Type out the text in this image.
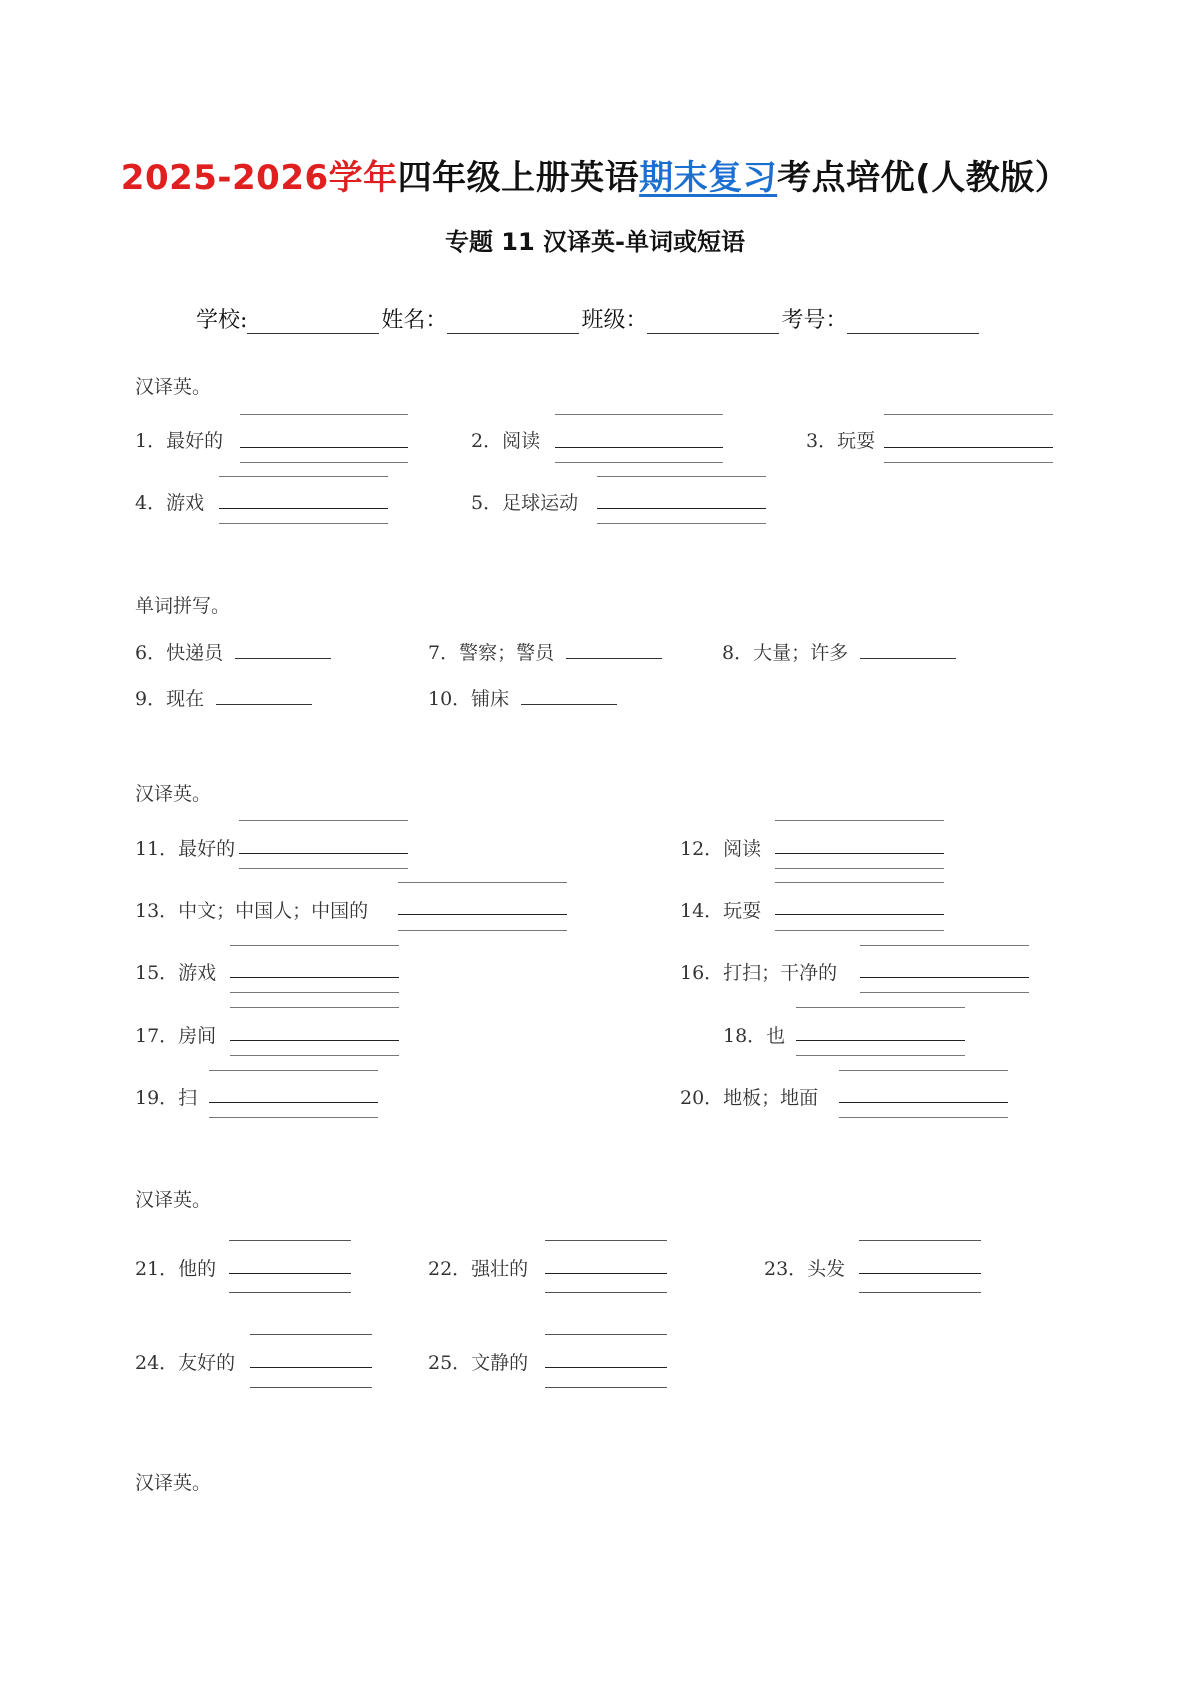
2025-2026学年四年级上册英语期末复习考点培优(人教版）
专题 11 汉译英-单词或短语
学校:	姓名：	班级：	考号：
汉译英。
1．最好的	2．阅读	3．玩耍
4．游戏	5．足球运动
单词拼写。
6．快递员	7．警察；警员	8．大量；许多
9．现在	10．铺床
汉译英。
11．最好的	12．阅读
13．中文；中国人；中国的	14．玩耍
15．游戏	16．打扫；干净的
17．房间	18．也
19．扫	20．地板；地面
汉译英。
21．他的	22．强壮的	23．头发
24．友好的	25．文静的
汉译英。
